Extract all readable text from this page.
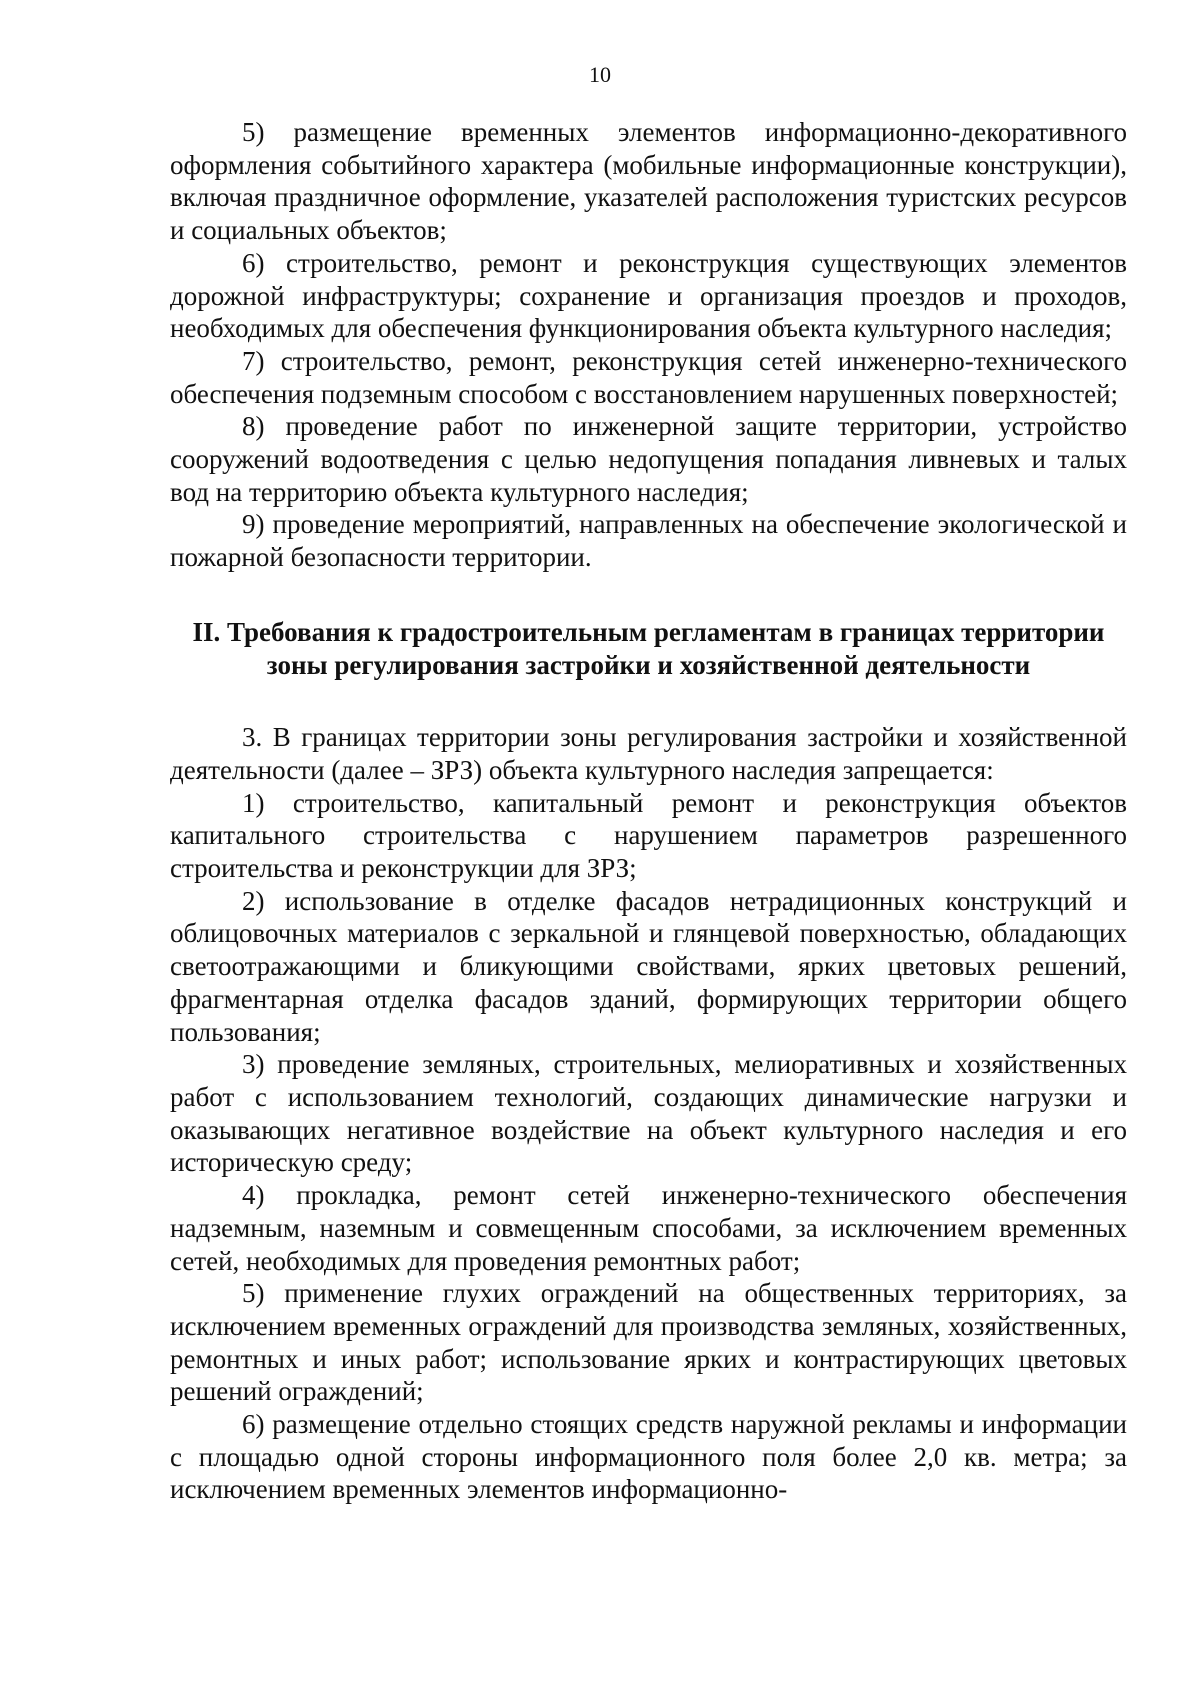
10

5) размещение временных элементов информационно-декоративного оформления событийного характера (мобильные информационные конструкции), включая праздничное оформление, указателей расположения туристских ресурсов и социальных объектов;

6) строительство, ремонт и реконструкция существующих элементов дорожной инфраструктуры; сохранение и организация проездов и проходов, необходимых для обеспечения функционирования объекта культурного наследия;

7) строительство, ремонт, реконструкция сетей инженерно-технического обеспечения подземным способом с восстановлением нарушенных поверхностей;

8) проведение работ по инженерной защите территории, устройство сооружений водоотведения с целью недопущения попадания ливневых и талых вод на территорию объекта культурного наследия;

9) проведение мероприятий, направленных на обеспечение экологической и пожарной безопасности территории.

II. Требования к градостроительным регламентам в границах территории
зоны регулирования застройки и хозяйственной деятельности

3. В границах территории зоны регулирования застройки и хозяйственной деятельности (далее – ЗРЗ) объекта культурного наследия запрещается:

1) строительство, капитальный ремонт и реконструкция объектов капитального строительства с нарушением параметров разрешенного строительства и реконструкции для ЗРЗ;

2) использование в отделке фасадов нетрадиционных конструкций и облицовочных материалов с зеркальной и глянцевой поверхностью, обладающих светоотражающими и бликующими свойствами, ярких цветовых решений, фрагментарная отделка фасадов зданий, формирующих территории общего пользования;

3) проведение земляных, строительных, мелиоративных и хозяйственных работ с использованием технологий, создающих динамические нагрузки и оказывающих негативное воздействие на объект культурного наследия и его историческую среду;

4) прокладка, ремонт сетей инженерно-технического обеспечения надземным, наземным и совмещенным способами, за исключением временных сетей, необходимых для проведения ремонтных работ;

5) применение глухих ограждений на общественных территориях, за исключением временных ограждений для производства земляных, хозяйственных, ремонтных и иных работ; использование ярких и контрастирующих цветовых решений ограждений;

6) размещение отдельно стоящих средств наружной рекламы и информации с площадью одной стороны информационного поля более 2,0 кв. метра; за исключением временных элементов информационно-
